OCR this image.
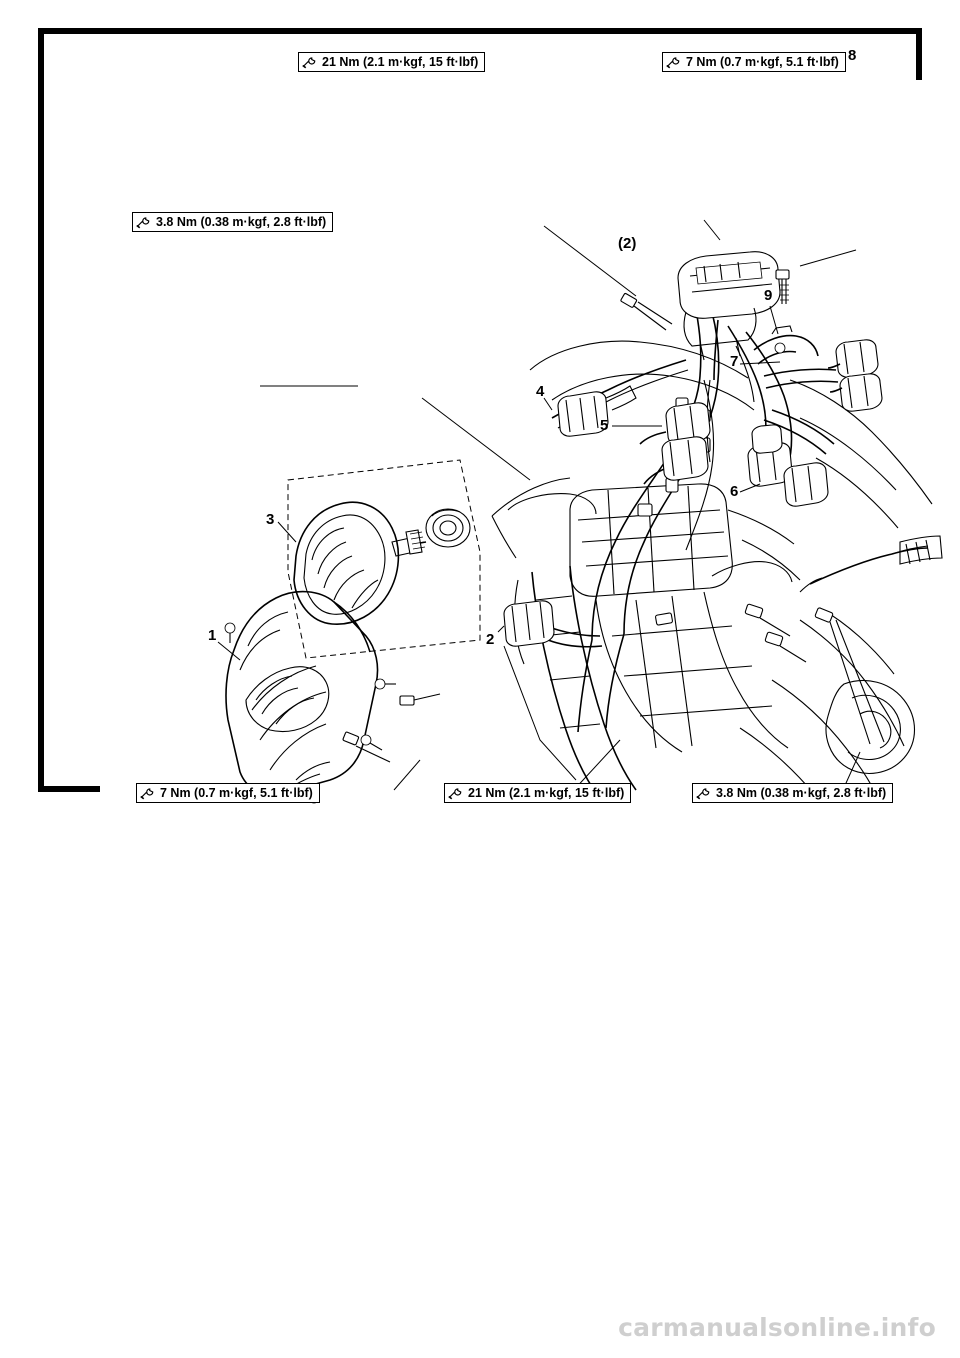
21 Nm (2.1 m·kgf, 15 ft·lbf)	7 Nm (0.7 m·kgf, 5.1 ft·lbf)
3.8 Nm (0.38 m·kgf, 2.8 ft·lbf)
7 Nm (0.7 m·kgf, 5.1 ft·lbf)	21 Nm (2.1 m·kgf, 15 ft·lbf)	3.8 Nm (0.38 m·kgf, 2.8 ft·lbf)
1	2
3
4
5
6
7
8
9
(2)
carmanualsonline.info
